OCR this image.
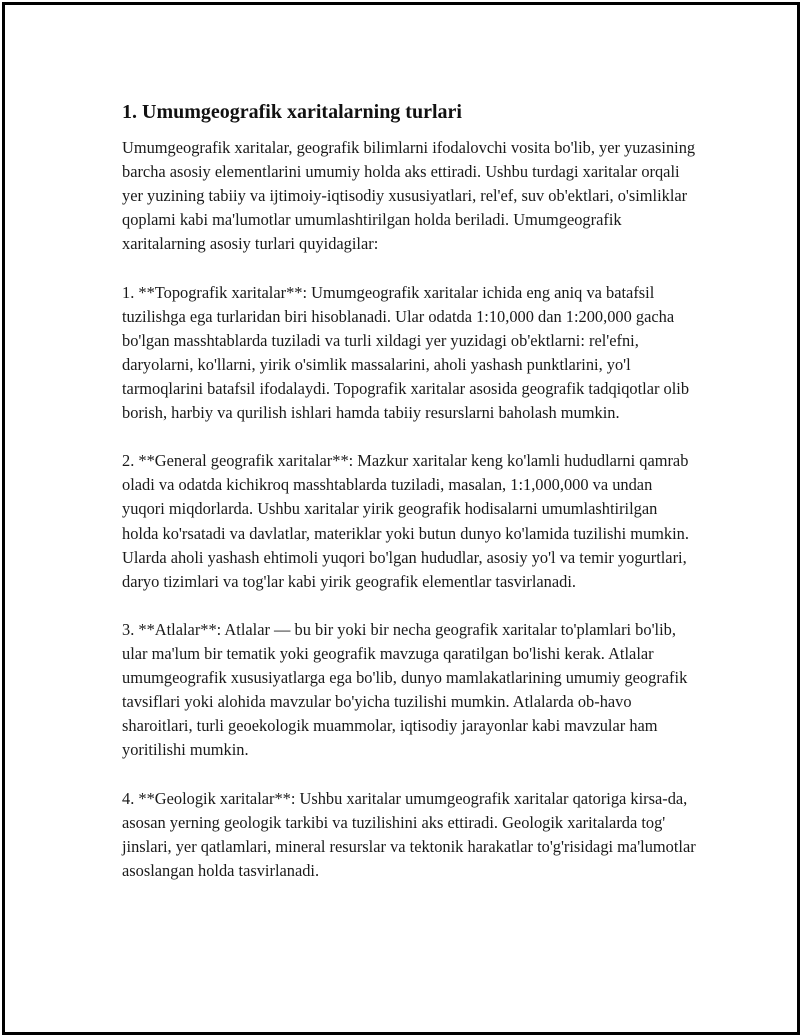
1. Umumgeografik xaritalarning turlari

Umumgeografik xaritalar, geografik bilimlarni ifodalovchi vosita bo'lib, yer yuzasining barcha asosiy elementlarini umumiy holda aks ettiradi. Ushbu turdagi xaritalar orqali yer yuzining tabiiy va ijtimoiy-iqtisodiy xususiyatlari, rel'ef, suv ob'ektlari, o'simliklar qoplami kabi ma'lumotlar umumlashtirilgan holda beriladi. Umumgeografik xaritalarning asosiy turlari quyidagilar:

1. **Topografik xaritalar**: Umumgeografik xaritalar ichida eng aniq va batafsil tuzilishga ega turlaridan biri hisoblanadi. Ular odatda 1:10,000 dan 1:200,000 gacha bo'lgan masshtablarda tuziladi va turli xildagi yer yuzidagi ob'ektlarni: rel'efni, daryolarni, ko'llarni, yirik o'simlik massalarini, aholi yashash punktlarini, yo'l tarmoqlarini batafsil ifodalaydi. Topografik xaritalar asosida geografik tadqiqotlar olib borish, harbiy va qurilish ishlari hamda tabiiy resurslarni baholash mumkin.

2. **General geografik xaritalar**: Mazkur xaritalar keng ko'lamli hududlarni qamrab oladi va odatda kichikroq masshtablarda tuziladi, masalan, 1:1,000,000 va undan yuqori miqdorlarda. Ushbu xaritalar yirik geografik hodisalarni umumlashtirilgan holda ko'rsatadi va davlatlar, materiklar yoki butun dunyo ko'lamida tuzilishi mumkin. Ularda aholi yashash ehtimoli yuqori bo'lgan hududlar, asosiy yo'l va temir yogurtlari, daryo tizimlari va tog'lar kabi yirik geografik elementlar tasvirlanadi.

3. **Atlalar**: Atlalar — bu bir yoki bir necha geografik xaritalar to'plamlari bo'lib, ular ma'lum bir tematik yoki geografik mavzuga qaratilgan bo'lishi kerak. Atlalar umumgeografik xususiyatlarga ega bo'lib, dunyo mamlakatlarining umumiy geografik tavsiflari yoki alohida mavzular bo'yicha tuzilishi mumkin. Atlalarda ob-havo sharoitlari, turli geoekologik muammolar, iqtisodiy jarayonlar kabi mavzular ham yoritilishi mumkin.

4. **Geologik xaritalar**: Ushbu xaritalar umumgeografik xaritalar qatoriga kirsa-da, asosan yerning geologik tarkibi va tuzilishini aks ettiradi. Geologik xaritalarda tog' jinslari, yer qatlamlari, mineral resurslar va tektonik harakatlar to'g'risidagi ma'lumotlar asoslangan holda tasvirlanadi.
